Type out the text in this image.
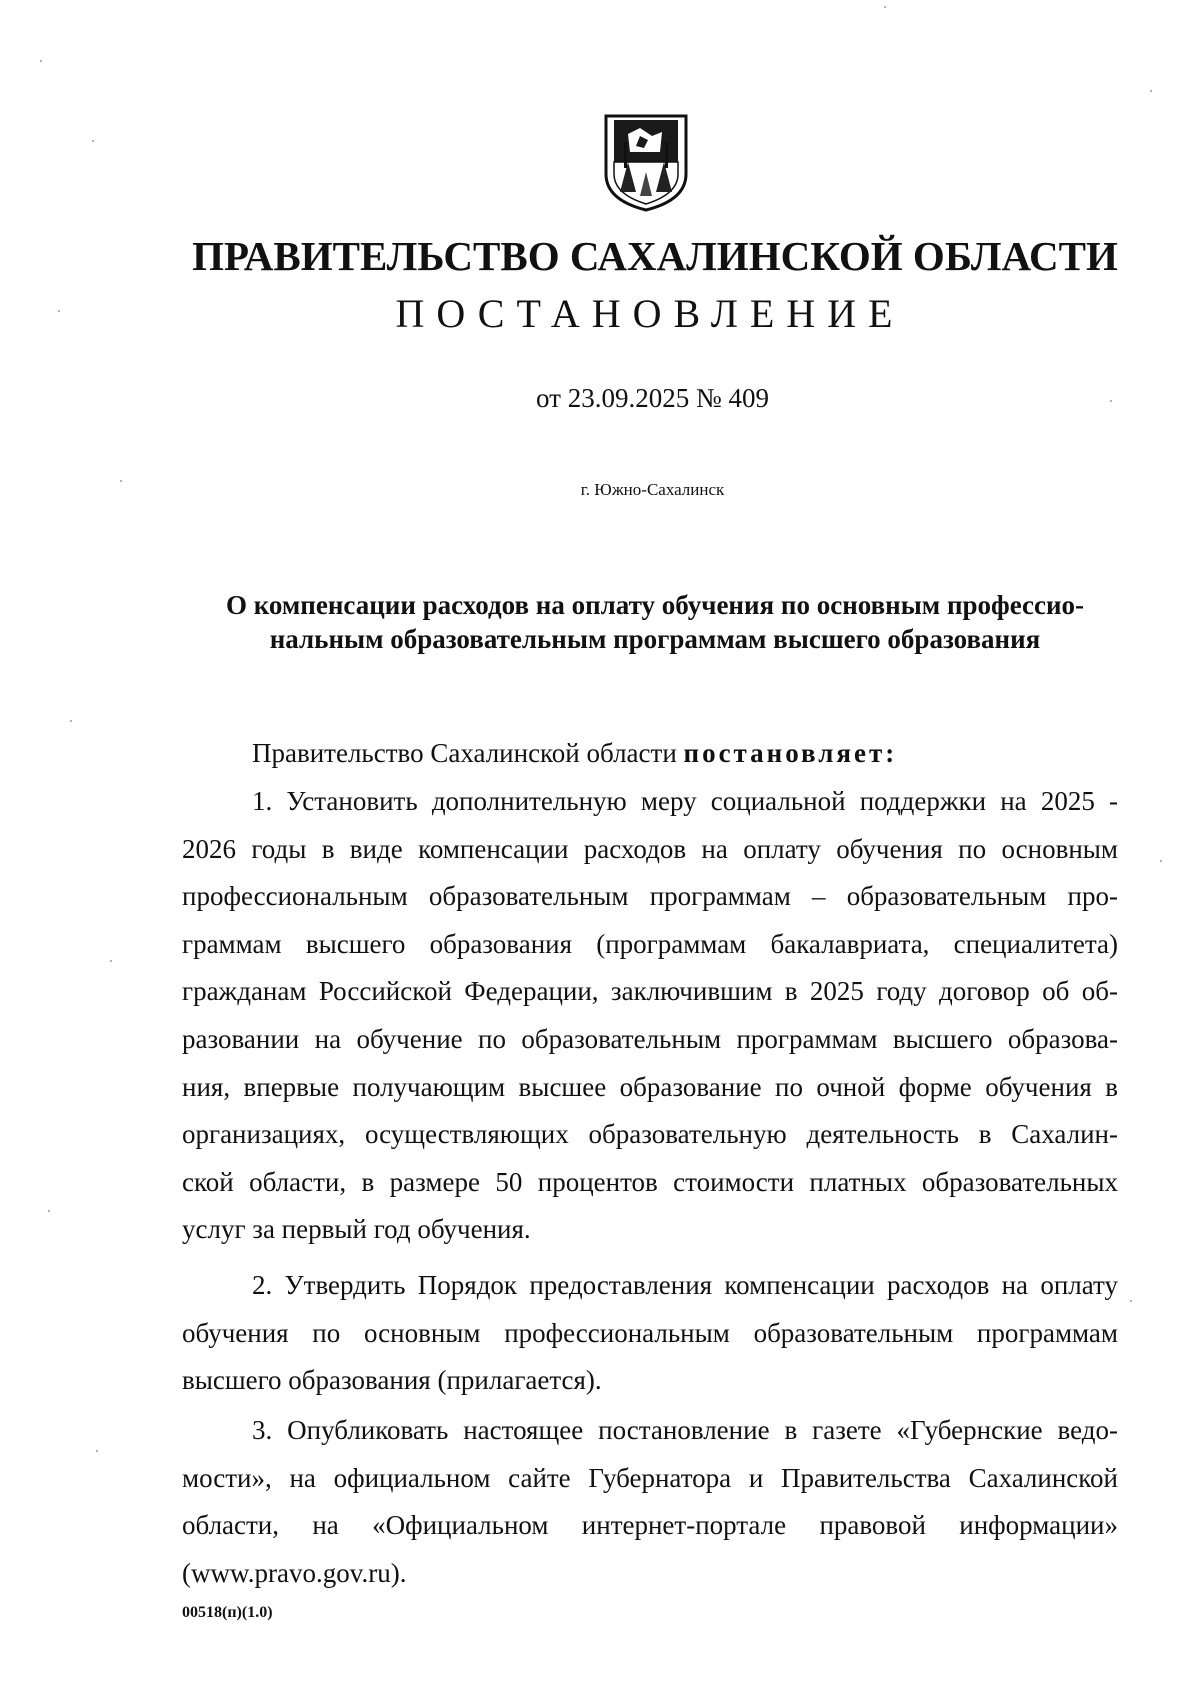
ПРАВИТЕЛЬСТВО САХАЛИНСКОЙ ОБЛАСТИ
ПОСТАНОВЛЕНИЕ
от 23.09.2025 № 409
г. Южно-Сахалинск
О компенсации расходов на оплату обучения по основным профессио-
нальным образовательным программам высшего образования
Правительство Сахалинской области постановляет:
1. Установить дополнительную меру социальной поддержки на 2025 -
2026 годы в виде компенсации расходов на оплату обучения по основным
профессиональным образовательным программам – образовательным про-
граммам высшего образования (программам бакалавриата, специалитета)
гражданам Российской Федерации, заключившим в 2025 году договор об об-
разовании на обучение по образовательным программам высшего образова-
ния, впервые получающим высшее образование по очной форме обучения в
организациях, осуществляющих образовательную деятельность в Сахалин-
ской области, в размере 50 процентов стоимости платных образовательных
услуг за первый год обучения.
2. Утвердить Порядок предоставления компенсации расходов на оплату
обучения по основным профессиональным образовательным программам
высшего образования (прилагается).
3. Опубликовать настоящее постановление в газете «Губернские ведо-
мости», на официальном сайте Губернатора и Правительства Сахалинской
области, на «Официальном интернет-портале правовой информации»
(www.pravo.gov.ru).
00518(п)(1.0)
